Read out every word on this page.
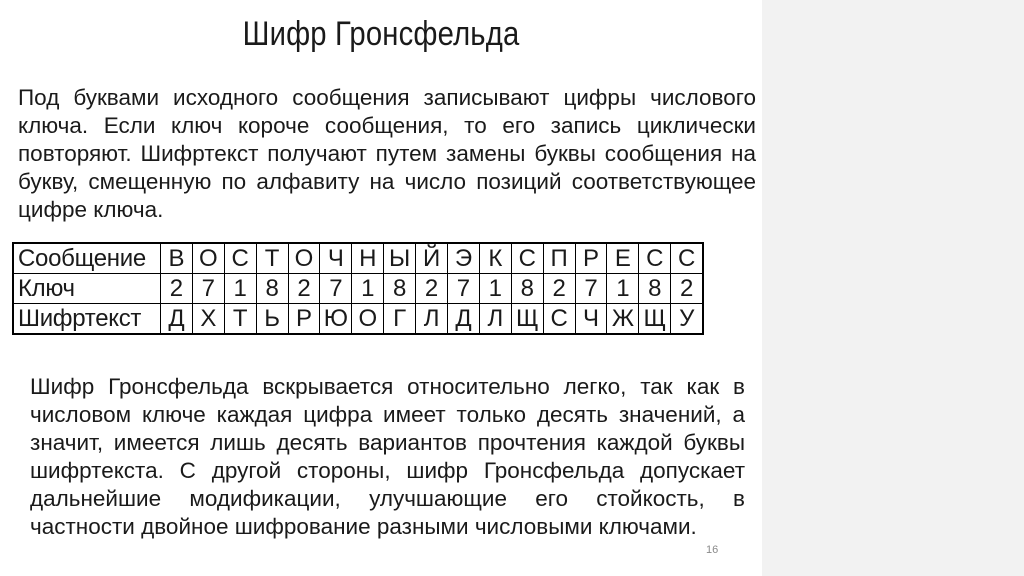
Шифр Гронсфельда

Под буквами исходного сообщения записывают цифры числового ключа. Если ключ короче сообщения, то его запись циклически повторяют. Шифртекст получают путем замены буквы сообщения на букву, смещенную по алфавиту на число позиций соответствующее цифре ключа.

Сообщение	В	О	С	Т	О	Ч	Н	Ы	Й	Э	К	С	П	Р	Е	С	С
Ключ	2	7	1	8	2	7	1	8	2	7	1	8	2	7	1	8	2
Шифртекст	Д	Х	Т	Ь	Р	Ю	О	Г	Л	Д	Л	Щ	С	Ч	Ж	Щ	У

Шифр Гронсфельда вскрывается относительно легко, так как в числовом ключе каждая цифра имеет только десять значений, а значит, имеется лишь десять вариантов прочтения каждой буквы шифртекста. С другой стороны, шифр Гронсфельда допускает дальнейшие модификации, улучшающие его стойкость, в частности двойное шифрование разными числовыми ключами.

16
